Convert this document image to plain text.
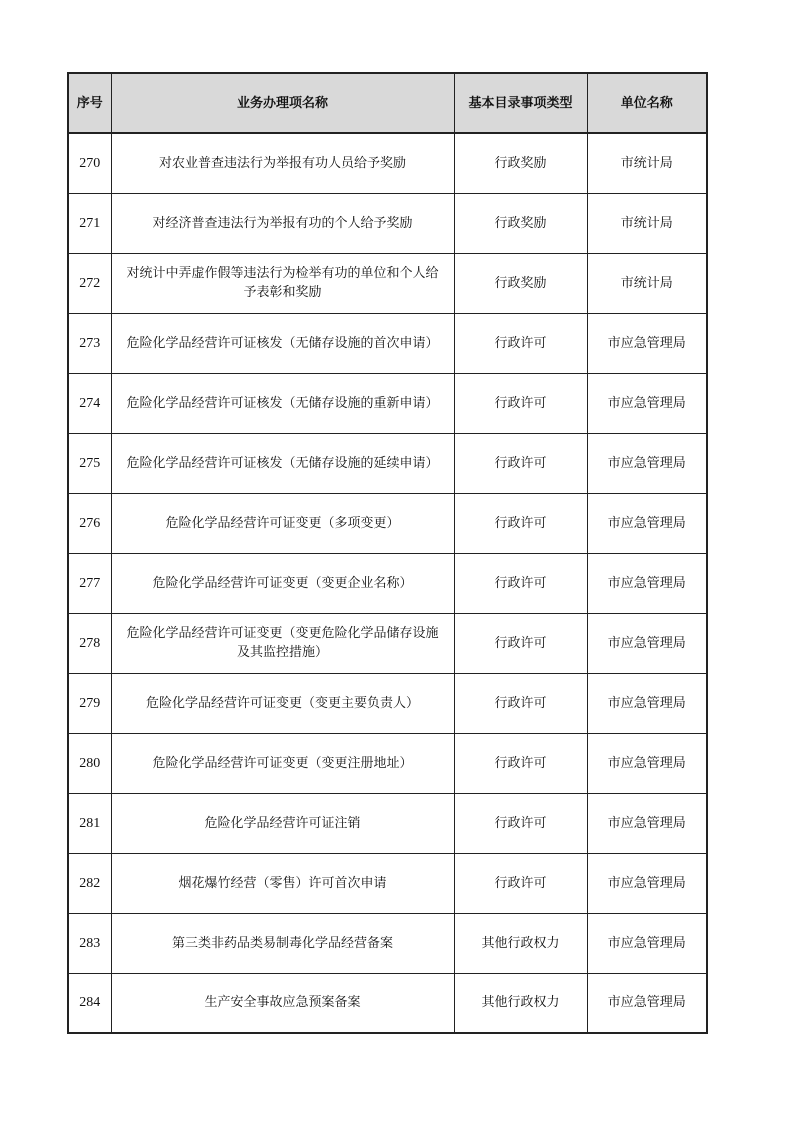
序号	业务办理项名称	基本目录事项类型	单位名称
270	对农业普查违法行为举报有功人员给予奖励	行政奖励	市统计局
271	对经济普查违法行为举报有功的个人给予奖励	行政奖励	市统计局
272	对统计中弄虚作假等违法行为检举有功的单位和个人给予表彰和奖励	行政奖励	市统计局
273	危险化学品经营许可证核发（无储存设施的首次申请）	行政许可	市应急管理局
274	危险化学品经营许可证核发（无储存设施的重新申请）	行政许可	市应急管理局
275	危险化学品经营许可证核发（无储存设施的延续申请）	行政许可	市应急管理局
276	危险化学品经营许可证变更（多项变更）	行政许可	市应急管理局
277	危险化学品经营许可证变更（变更企业名称）	行政许可	市应急管理局
278	危险化学品经营许可证变更（变更危险化学品储存设施及其监控措施）	行政许可	市应急管理局
279	危险化学品经营许可证变更（变更主要负责人）	行政许可	市应急管理局
280	危险化学品经营许可证变更（变更注册地址）	行政许可	市应急管理局
281	危险化学品经营许可证注销	行政许可	市应急管理局
282	烟花爆竹经营（零售）许可首次申请	行政许可	市应急管理局
283	第三类非药品类易制毒化学品经营备案	其他行政权力	市应急管理局
284	生产安全事故应急预案备案	其他行政权力	市应急管理局
